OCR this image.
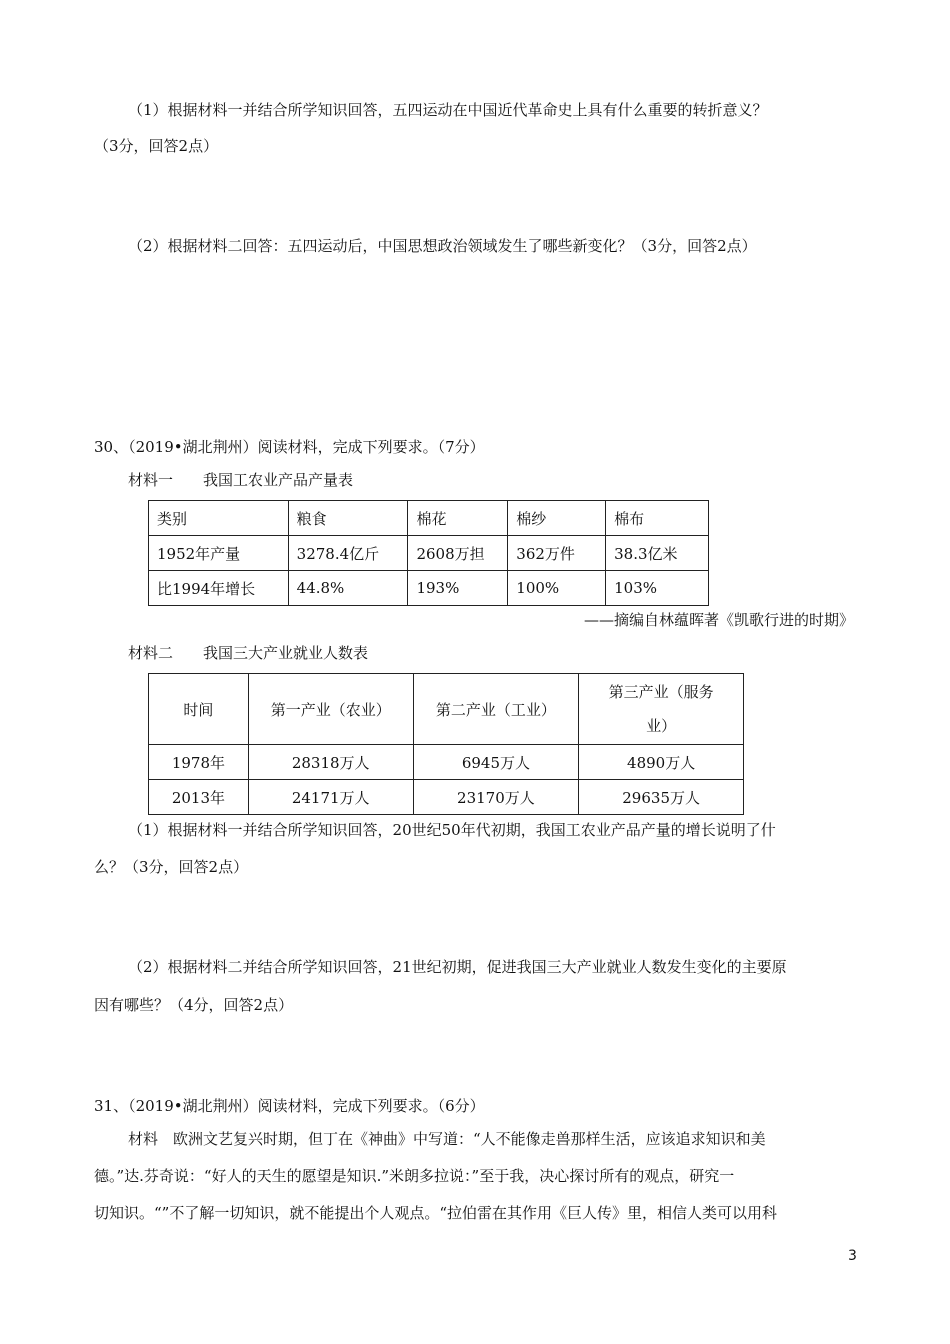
（1）根据材料一并结合所学知识回答，五四运动在中国近代革命史上具有什么重要的转折意义？
（3分，回答2点）
（2）根据材料二回答：五四运动后，中国思想政治领域发生了哪些新变化？（3分，回答2点）
30、（2019•湖北荆州）阅读材料，完成下列要求。（7分）
材料一　　我国工农业产品产量表
类别	粮食	棉花	棉纱	棉布
1952年产量	3278.4亿斤	2608万担	362万件	38.3亿米
比1994年增长	44.8%	193%	100%	103%
——摘编自林蕴晖著《凯歌行进的时期》
材料二　　我国三大产业就业人数表
时间	第一产业（农业）	第二产业（工业）	第三产业（服务
业）

1978年	28318万人	6945万人	4890万人
2013年	24171万人	23170万人	29635万人
（1）根据材料一并结合所学知识回答，20世纪50年代初期，我国工农业产品产量的增长说明了什
么？（3分，回答2点）
（2）根据材料二并结合所学知识回答，21世纪初期，促进我国三大产业就业人数发生变化的主要原
因有哪些？（4分，回答2点）
31、（2019•湖北荆州）阅读材料，完成下列要求。（6分）
材料　欧洲文艺复兴时期，但丁在《神曲》中写道：“人不能像走兽那样生活，应该追求知识和美
德。”达.芬奇说：“好人的天生的愿望是知识.”米朗多拉说：”至于我，决心探讨所有的观点，研究一
切知识。“”不了解一切知识，就不能提出个人观点。“拉伯雷在其作用《巨人传》里，相信人类可以用科
3
